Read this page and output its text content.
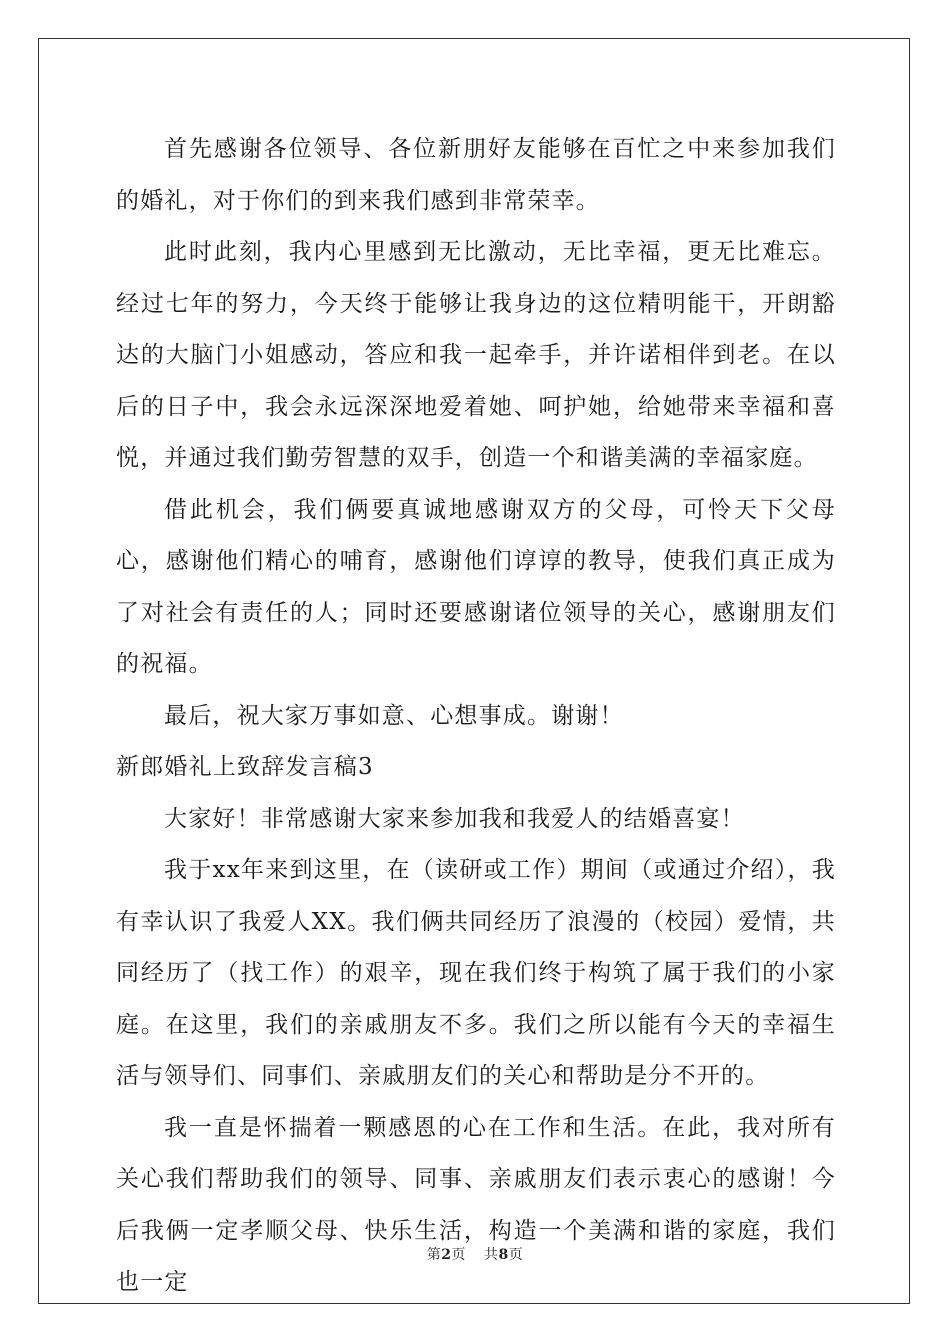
首先感谢各位领导、各位新朋好友能够在百忙之中来参加我们的婚礼，对于你们的到来我们感到非常荣幸。

此时此刻，我内心里感到无比激动，无比幸福，更无比难忘。经过七年的努力，今天终于能够让我身边的这位精明能干，开朗豁达的大脑门小姐感动，答应和我一起牵手，并许诺相伴到老。在以后的日子中，我会永远深深地爱着她、呵护她，给她带来幸福和喜悦，并通过我们勤劳智慧的双手，创造一个和谐美满的幸福家庭。

借此机会，我们俩要真诚地感谢双方的父母，可怜天下父母心，感谢他们精心的哺育，感谢他们谆谆的教导，使我们真正成为了对社会有责任的人；同时还要感谢诸位领导的关心，感谢朋友们的祝福。

最后，祝大家万事如意、心想事成。谢谢！

新郎婚礼上致辞发言稿3

大家好！非常感谢大家来参加我和我爱人的结婚喜宴！

我于xx年来到这里，在（读研或工作）期间（或通过介绍），我有幸认识了我爱人XX。我们俩共同经历了浪漫的（校园）爱情，共同经历了（找工作）的艰辛，现在我们终于构筑了属于我们的小家庭。在这里，我们的亲戚朋友不多。我们之所以能有今天的幸福生活与领导们、同事们、亲戚朋友们的关心和帮助是分不开的。

我一直是怀揣着一颗感恩的心在工作和生活。在此，我对所有关心我们帮助我们的领导、同事、亲戚朋友们表示衷心的感谢！今后我俩一定孝顺父母、快乐生活，构造一个美满和谐的家庭，我们也一定

第2页 共8页
